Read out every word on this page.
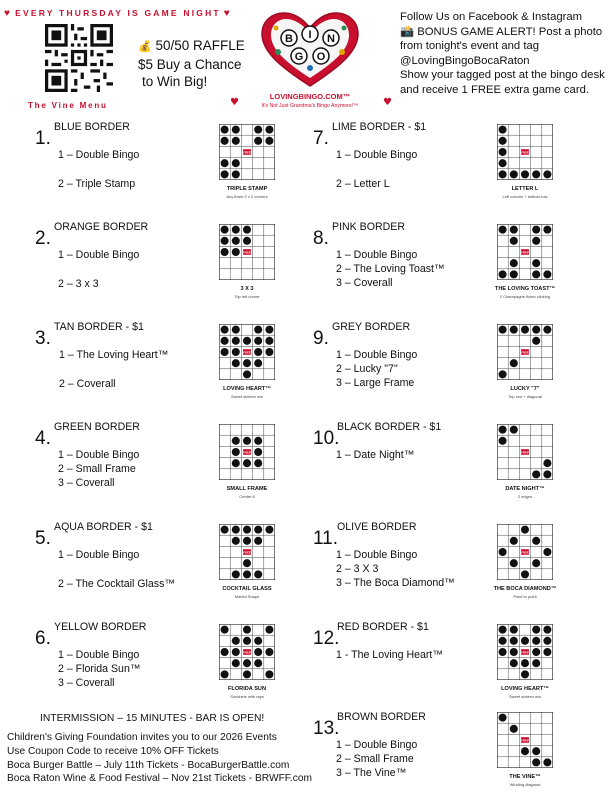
♥ EVERY THURSDAY IS GAME NIGHT ♥
The Vine Menu
💰 50/50 RAFFLE
$5 Buy a Chance
to Win Big!
B I N
G O
LOVINGBINGO.COM™
It's Not Just Grandma's Bingo Anymore!™
♥	♥
Follow Us on Facebook & Instagram
📸 BONUS GAME ALERT! Post a photo
from tonight's event and tag
@LovingBingoBocaRaton
Show your tagged post at the bingo desk
and receive 1 FREE extra game card.
1.
BLUE BORDER
1 – Double Bingo
2 – Triple Stamp
FREE
TRIPLE STAMP
Any three 2 x 2 corners
2.
ORANGE BORDER
1 – Double Bingo
2 – 3 x 3
FREE
3 X 3
Top left corner
3.
TAN BORDER - $1
1 – The Loving Heart™
2 – Coverall
FREE
LOVING HEART™
Sweet sixteen win
4.
GREEN BORDER
1 – Double Bingo
2 – Small Frame
3 – Coverall
FREE
SMALL FRAME
Center 8
5.
AQUA BORDER - $1
1 – Double Bingo
2 – The Cocktail Glass™
FREE
COCKTAIL GLASS
Martini Shape
6.
YELLOW BORDER
1 – Double Bingo
2 – Florida Sun™
3 – Coverall
FREE
FLORIDA SUN
Sunshine with rays
7.
LIME BORDER - $1
1 – Double Bingo
2 – Letter L
FREE
LETTER L
Left column + bottom row
8.
PINK BORDER
1 – Double Bingo
2 – The Loving Toast™
3 – Coverall
FREE
THE LOVING TOAST™
2 Champagne flutes clinking
9.
GREY BORDER
1 – Double Bingo
2 – Lucky "7"
3 – Large Frame
FREE
LUCKY "7"
Top row + diagonal
10.
BLACK BORDER - $1
1 – Date Night™	FREE
DATE NIGHT™
2 edges
11.
OLIVE BORDER
1 – Double Bingo
2 – 3 X 3
3 – The Boca Diamond™
FREE
THE BOCA DIAMOND™
Point to point
12.
RED BORDER - $1
1 - The Loving Heart™	FREE
LOVING HEART™
Sweet sixteen win
13.
BROWN BORDER
1 – Double Bingo
2 – Small Frame
3 – The Vine™
FREE
THE VINE™
Winding diagonal
INTERMISSION – 15 MINUTES - BAR IS OPEN!
Children's Giving Foundation invites you to our 2026 Events
Use Coupon Code to receive 10% OFF Tickets
Boca Burger Battle – July 11th Tickets - BocaBurgerBattle.com
Boca Raton Wine & Food Festival – Nov 21st Tickets - BRWFF.com
